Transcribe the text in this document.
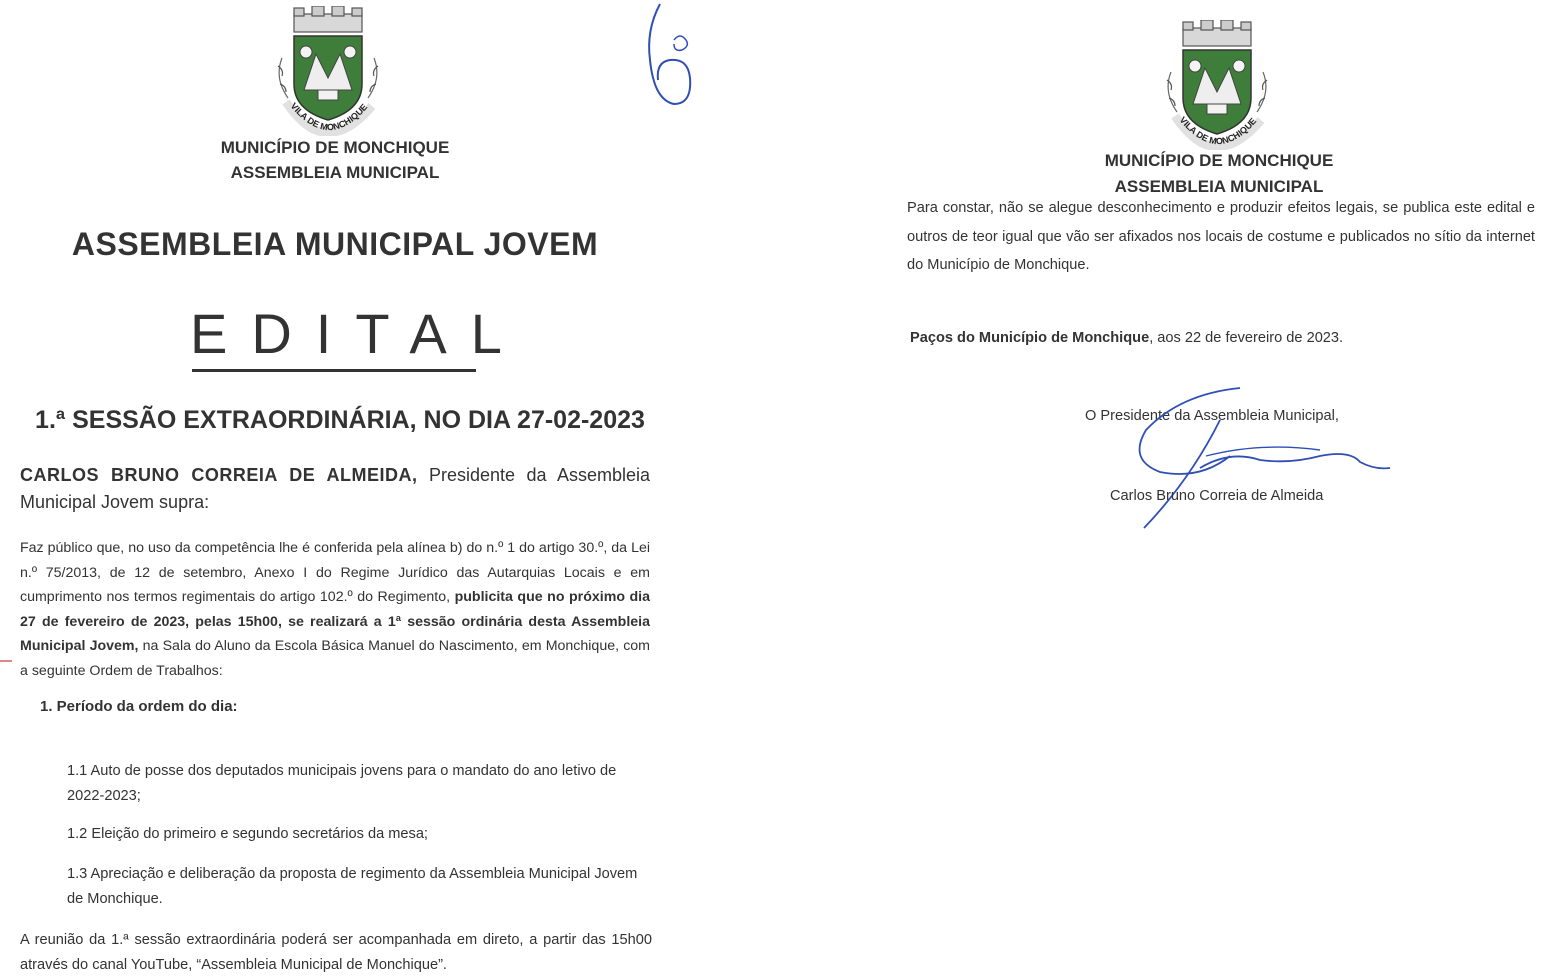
VILA DE MONCHIQUE
MUNICÍPIO DE MONCHIQUE
ASSEMBLEIA MUNICIPAL
ASSEMBLEIA MUNICIPAL JOVEM
EDITAL
1.ª SESSÃO EXTRAORDINÁRIA, NO DIA 27-02-2023
CARLOS BRUNO CORREIA DE ALMEIDA, Presidente da Assembleia Municipal Jovem supra:
Faz público que, no uso da competência lhe é conferida pela alínea b) do n.º 1 do artigo 30.º, da Lei n.º 75/2013, de 12 de setembro, Anexo I do Regime Jurídico das Autarquias Locais e em cumprimento nos termos regimentais do artigo 102.º do Regimento, publicita que no próximo dia 27 de fevereiro de 2023, pelas 15h00, se realizará a 1ª sessão ordinária desta Assembleia Municipal Jovem, na Sala do Aluno da Escola Básica Manuel do Nascimento, em Monchique, com a seguinte Ordem de Trabalhos:
1. Período da ordem do dia:
1.1 Auto de posse dos deputados municipais jovens para o mandato do ano letivo de 2022-2023;
1.2 Eleição do primeiro e segundo secretários da mesa;
1.3 Apreciação e deliberação da proposta de regimento da Assembleia Municipal Jovem de Monchique.
A reunião da 1.ª sessão extraordinária poderá ser acompanhada em direto, a partir das 15h00 através do canal YouTube, “Assembleia Municipal de Monchique”.
VILA DE MONCHIQUE
MUNICÍPIO DE MONCHIQUE
ASSEMBLEIA MUNICIPAL
Para constar, não se alegue desconhecimento e produzir efeitos legais, se publica este edital e outros de teor igual que vão ser afixados nos locais de costume e publicados no sítio da internet do Município de Monchique.
Paços do Município de Monchique, aos 22 de fevereiro de 2023.
O Presidente da Assembleia Municipal,
Carlos Bruno Correia de Almeida
